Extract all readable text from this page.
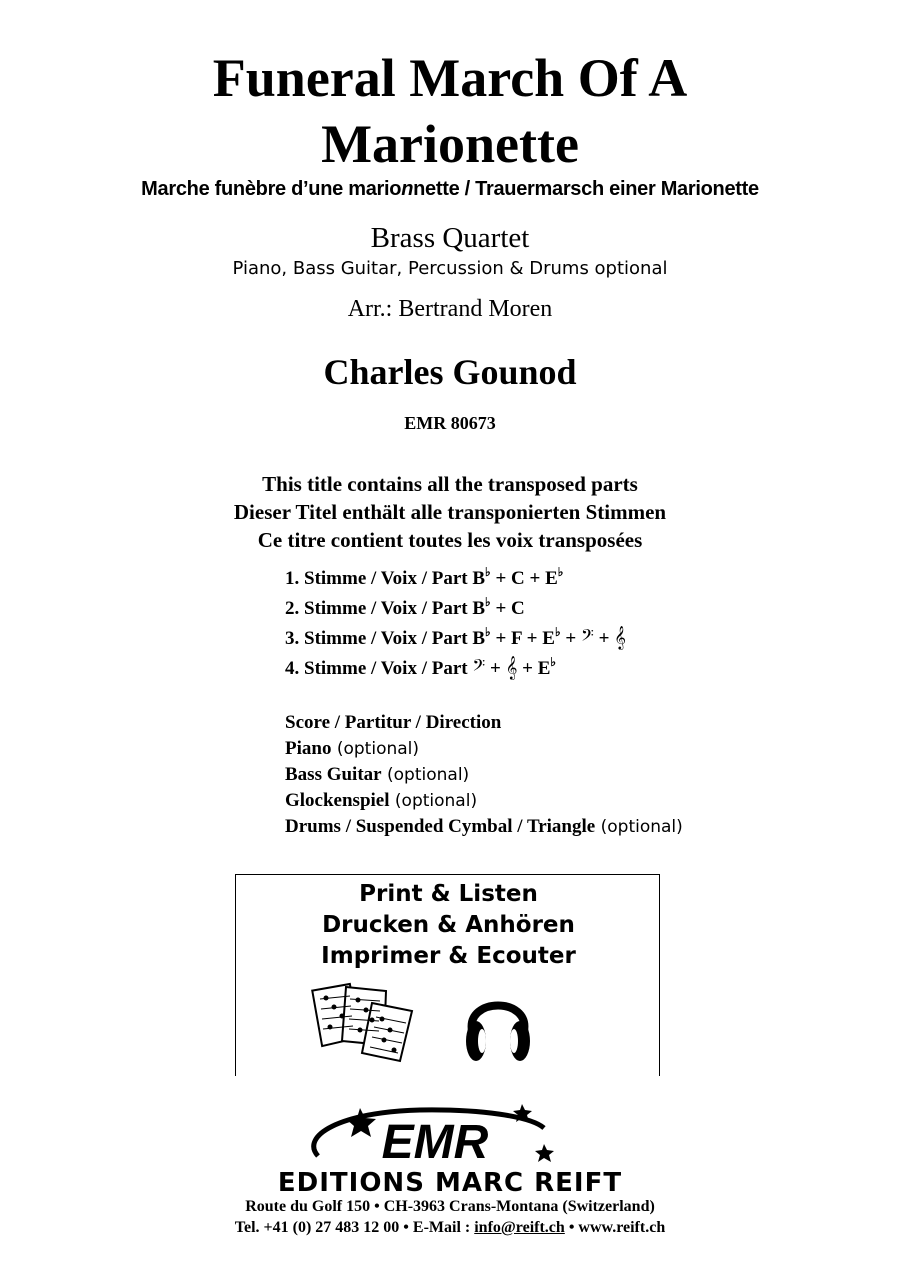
Funeral March Of A
Marionette
Marche funèbre d’une marionnette / Trauermarsch einer Marionette
Brass Quartet
Piano, Bass Guitar, Percussion & Drums optional
Arr.: Bertrand Moren
Charles Gounod
EMR 80673
This title contains all the transposed parts
Dieser Titel enthält alle transponierten Stimmen
Ce titre contient toutes les voix transposées
1. Stimme / Voix / Part B♭ + C + E♭
2. Stimme / Voix / Part B♭ + C
3. Stimme / Voix / Part B♭ + F + E♭ + 𝄢 + 𝄞
4. Stimme / Voix / Part 𝄢 + 𝄞 + E♭
Score / Partitur / Direction
Piano (optional)
Bass Guitar (optional)
Glockenspiel (optional)
Drums / Suspended Cymbal / Triangle (optional)
Print & Listen
Drucken & Anhören
Imprimer & Ecouter
EMR
EDITIONS MARC REIFT
Route du Golf 150 • CH-3963 Crans-Montana (Switzerland)
Tel. +41 (0) 27 483 12 00 • E-Mail : info@reift.ch • www.reift.ch
